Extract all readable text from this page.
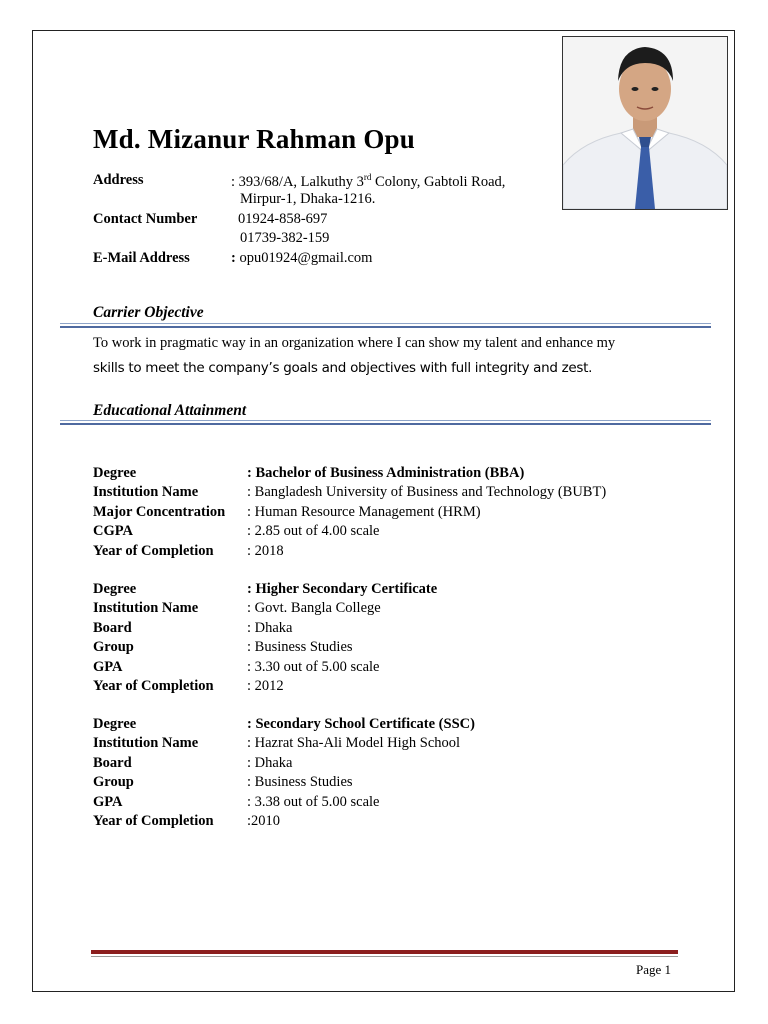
Md. Mizanur Rahman Opu
Address	: 393/68/A, Lalkuthy 3rd Colony, Gabtoli Road,
Mirpur-1, Dhaka-1216.
Contact Number	01924-858-697
01739-382-159
E-Mail Address	: opu01924@gmail.com
Carrier Objective
To work in pragmatic way in an organization where I can show my talent and enhance my
skills to meet the company’s goals and objectives with full integrity and zest.
Educational Attainment
Degree	: Bachelor of Business Administration (BBA)
Institution Name	: Bangladesh University of Business and Technology (BUBT)
Major Concentration : Human Resource Management (HRM)
CGPA	: 2.85 out of 4.00 scale
Year of Completion : 2018
Degree	: Higher Secondary Certificate
Institution Name	: Govt. Bangla College
Board	: Dhaka
Group	: Business Studies
GPA	: 3.30 out of 5.00 scale
Year of Completion : 2012
Degree	: Secondary School Certificate (SSC)
Institution Name	: Hazrat Sha-Ali Model High School
Board	: Dhaka
Group	: Business Studies
GPA	: 3.38 out of 5.00 scale
Year of Completion :2010
Page 1
